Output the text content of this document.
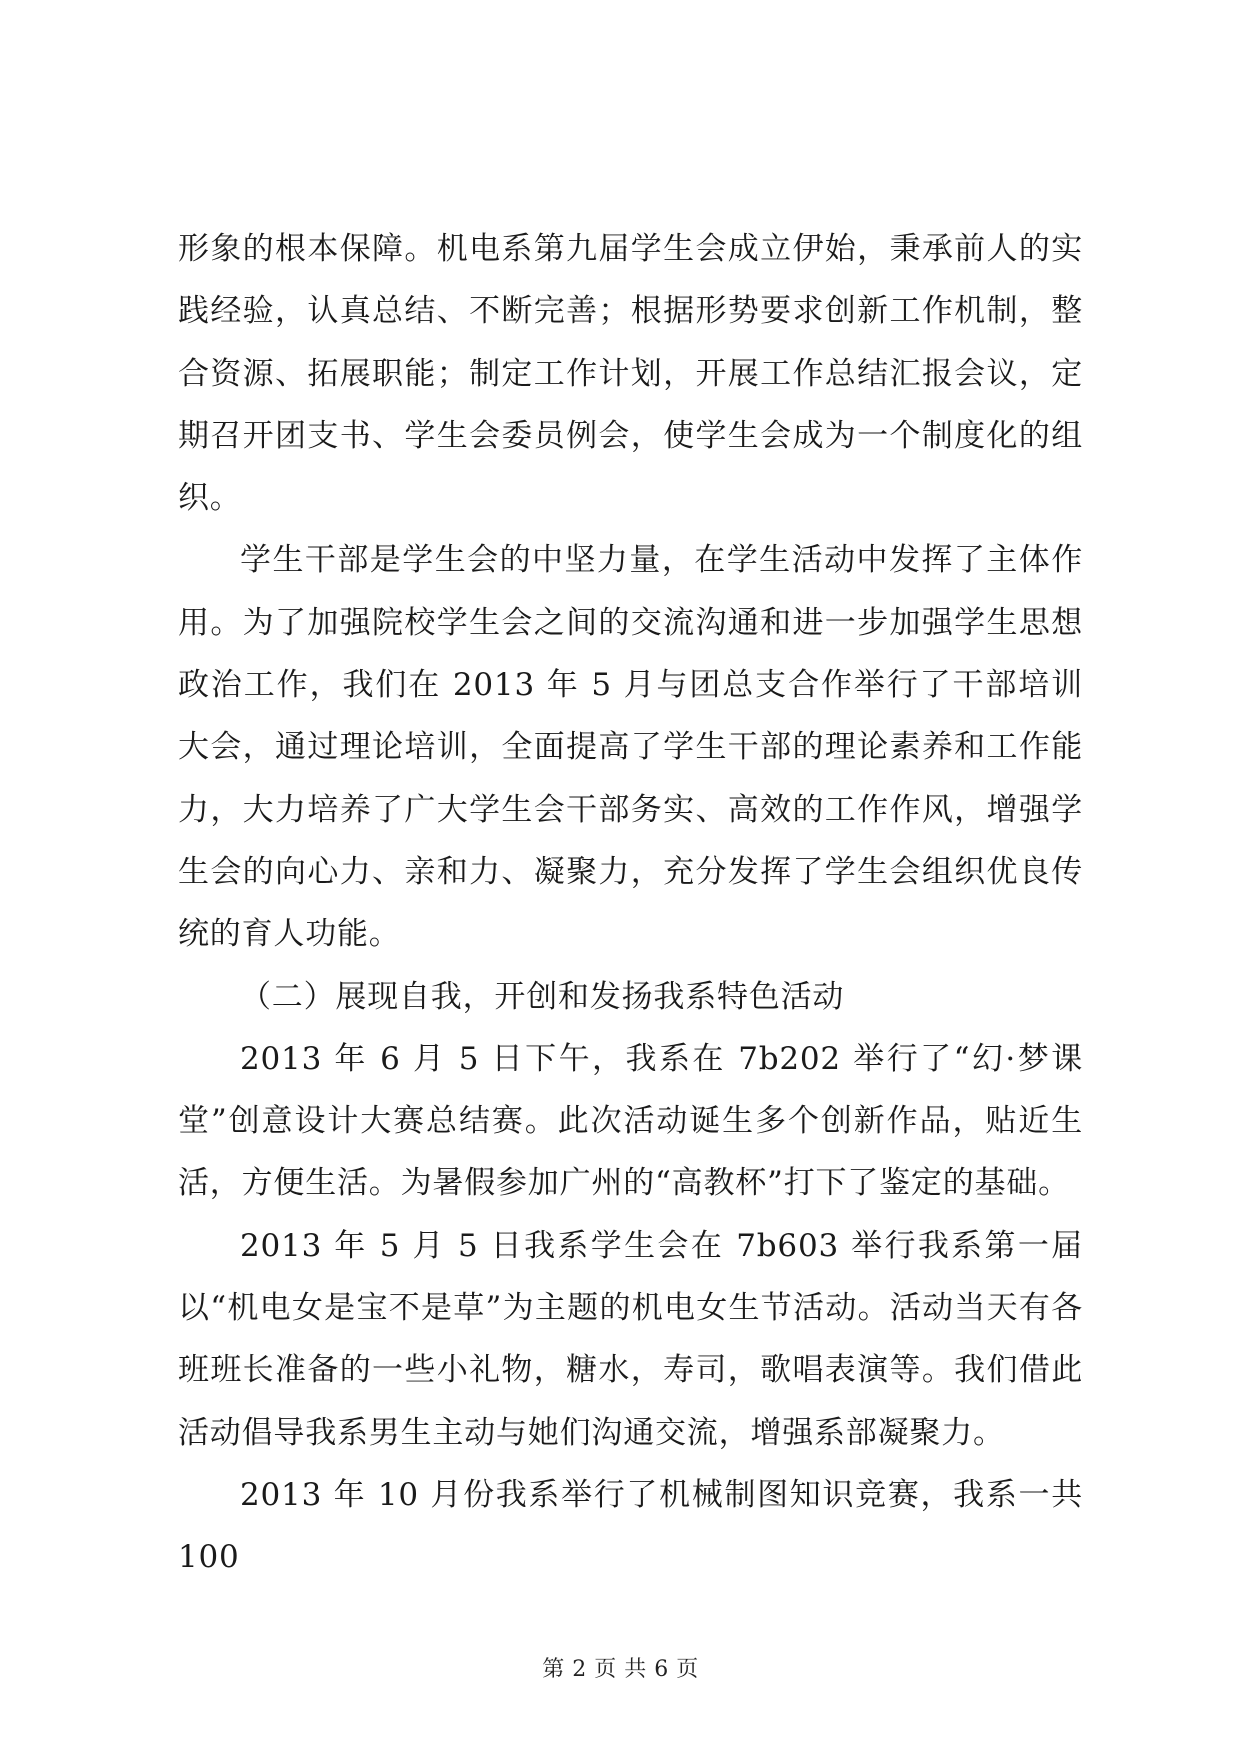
形象的根本保障。机电系第九届学生会成立伊始，秉承前人的实践经验，认真总结、不断完善；根据形势要求创新工作机制，整合资源、拓展职能；制定工作计划，开展工作总结汇报会议，定期召开团支书、学生会委员例会，使学生会成为一个制度化的组织。

学生干部是学生会的中坚力量，在学生活动中发挥了主体作用。为了加强院校学生会之间的交流沟通和进一步加强学生思想政治工作，我们在 2013 年 5 月与团总支合作举行了干部培训大会，通过理论培训，全面提高了学生干部的理论素养和工作能力，大力培养了广大学生会干部务实、高效的工作作风，增强学生会的向心力、亲和力、凝聚力，充分发挥了学生会组织优良传统的育人功能。

（二）展现自我，开创和发扬我系特色活动

2013 年 6 月 5 日下午，我系在 7b202 举行了“幻·梦课堂”创意设计大赛总结赛。此次活动诞生多个创新作品，贴近生活，方便生活。为暑假参加广州的“高教杯”打下了鉴定的基础。

2013 年 5 月 5 日我系学生会在 7b603 举行我系第一届以“机电女是宝不是草”为主题的机电女生节活动。活动当天有各班班长准备的一些小礼物，糖水，寿司，歌唱表演等。我们借此活动倡导我系男生主动与她们沟通交流，增强系部凝聚力。

2013 年 10 月份我系举行了机械制图知识竞赛，我系一共 100

第 2 页 共 6 页
